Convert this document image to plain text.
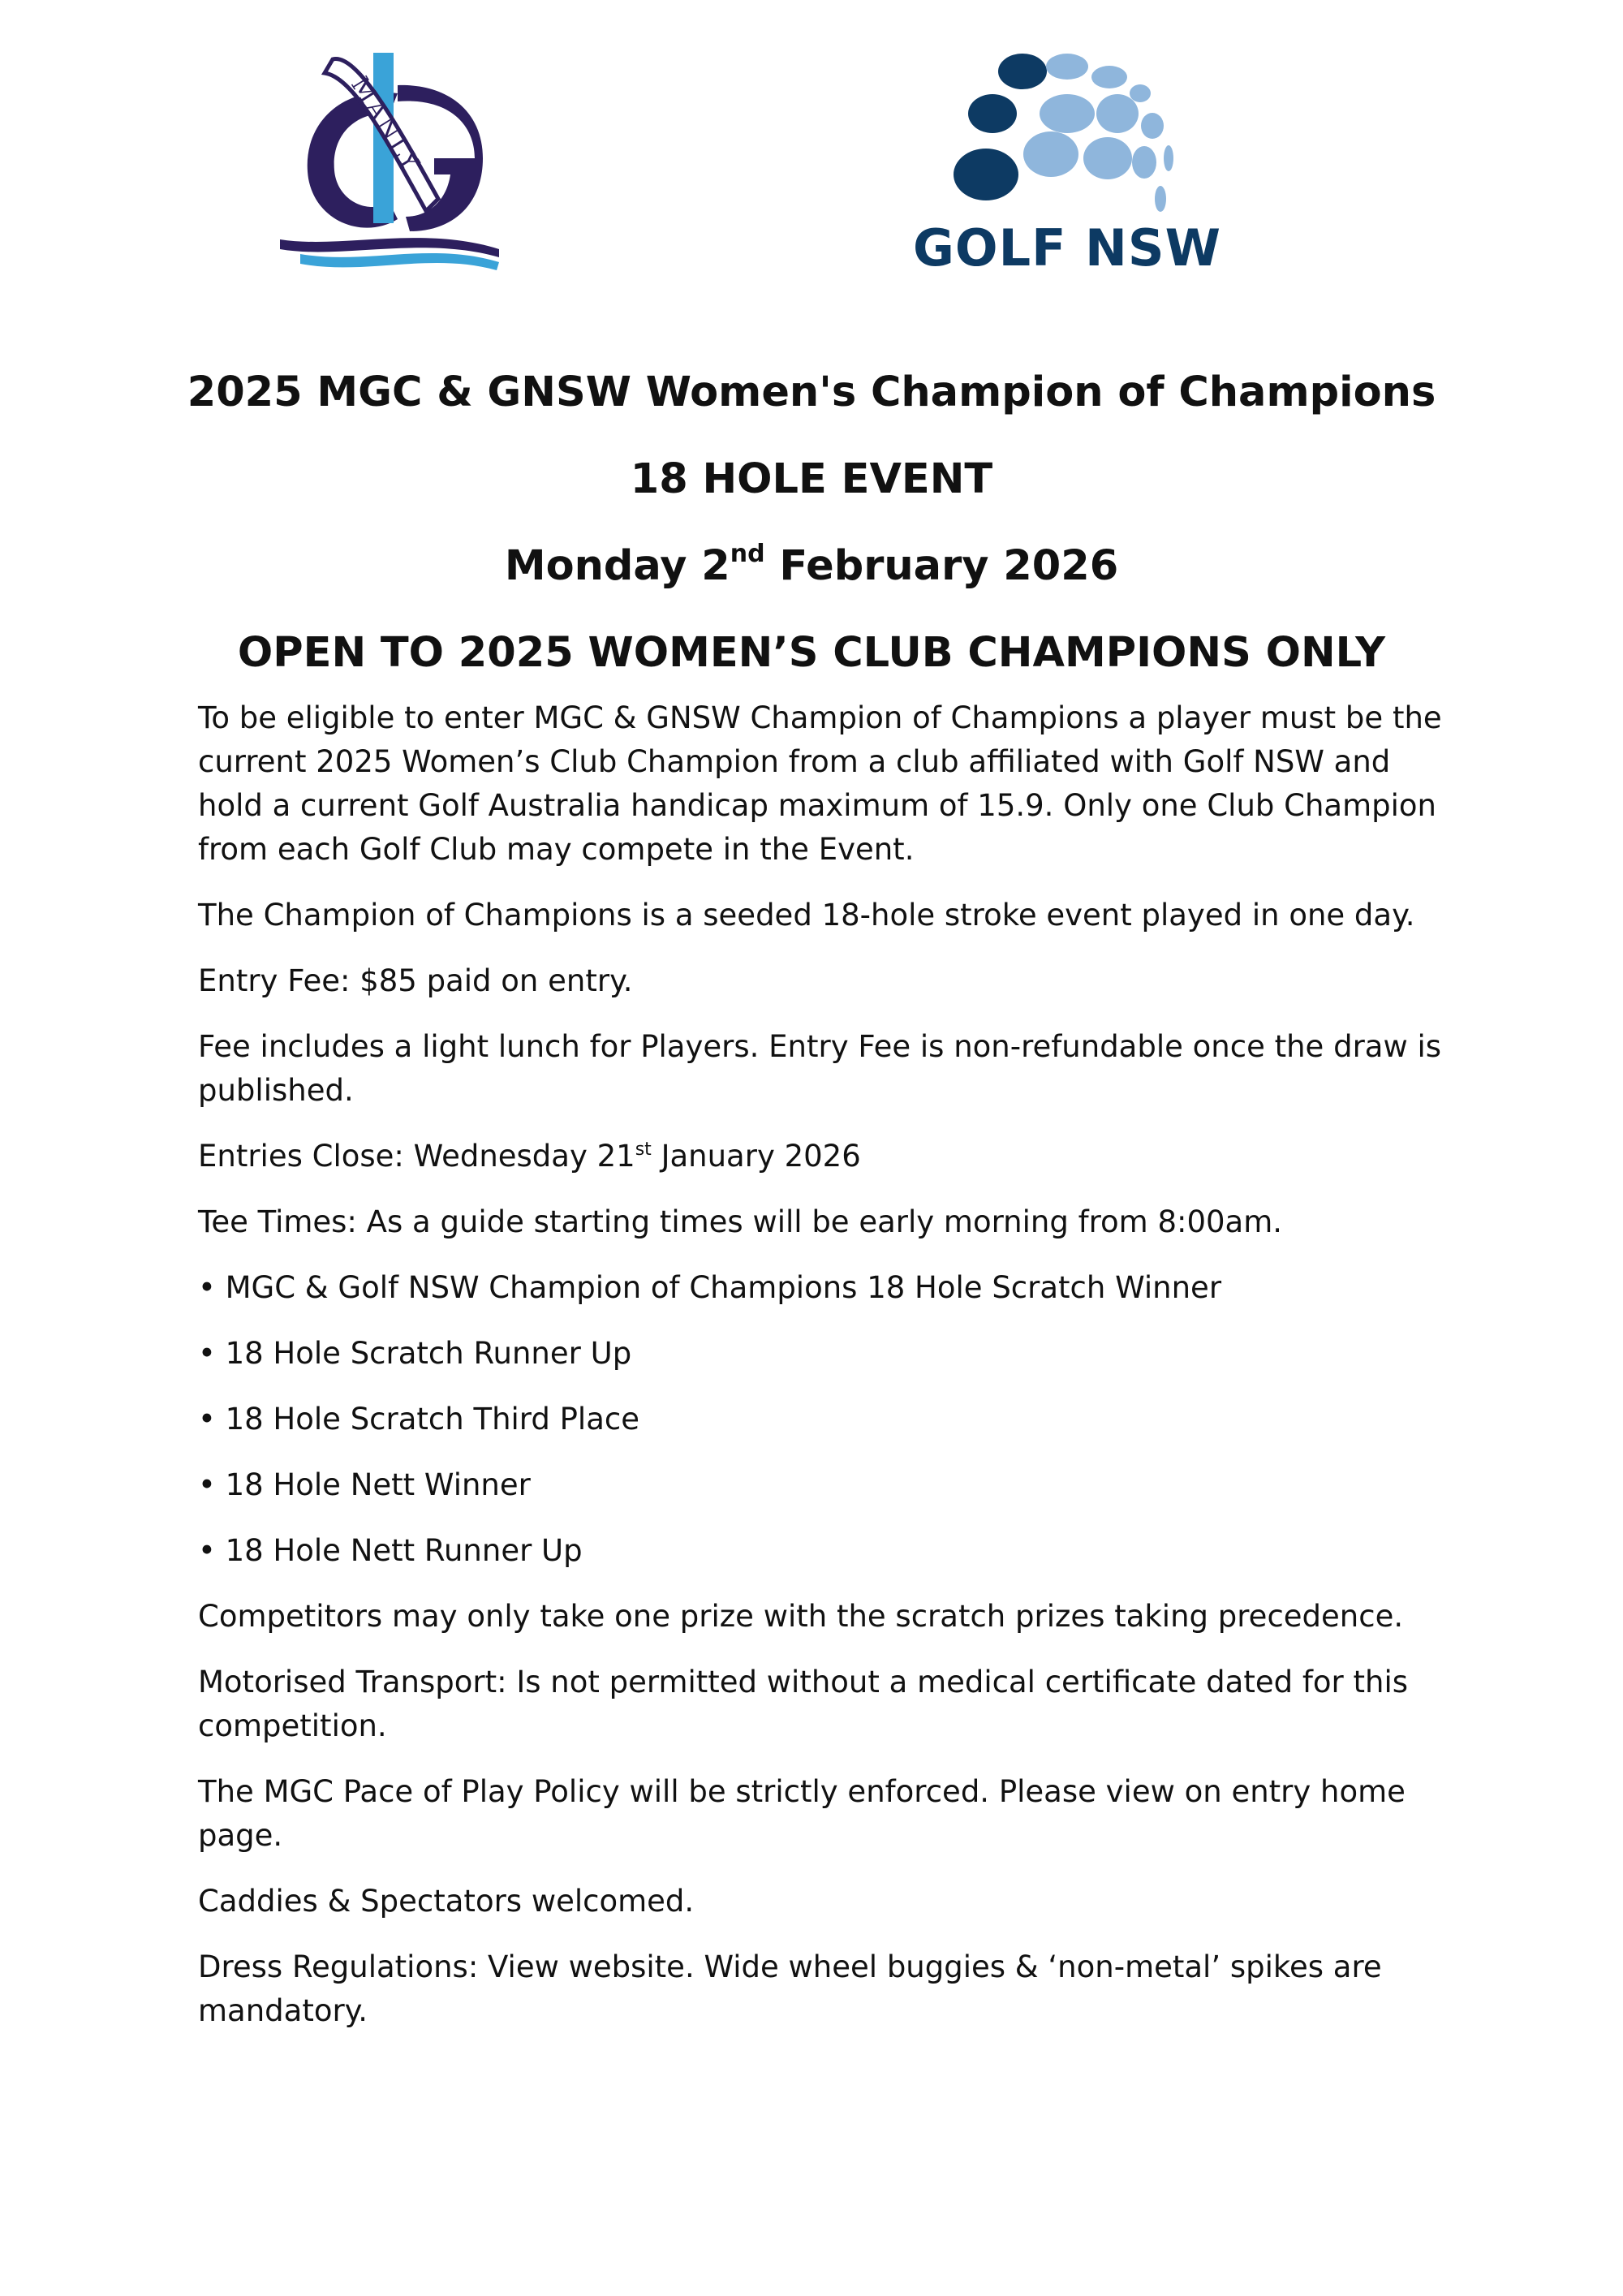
MANLY
GOLF NSW
2025 MGC & GNSW Women's Champion of Champions
18 HOLE EVENT
Monday 2nd February 2026
OPEN TO 2025 WOMEN’S CLUB CHAMPIONS ONLY

To be eligible to enter MGC & GNSW Champion of Champions a player must be the current 2025 Women’s Club Champion from a club affiliated with Golf NSW and hold a current Golf Australia handicap maximum of 15.9. Only one Club Champion from each Golf Club may compete in the Event.

The Champion of Champions is a seeded 18-hole stroke event played in one day.

Entry Fee: $85 paid on entry.

Fee includes a light lunch for Players. Entry Fee is non-refundable once the draw is published.

Entries Close: Wednesday 21st January 2026

Tee Times: As a guide starting times will be early morning from 8:00am.

• MGC & Golf NSW Champion of Champions 18 Hole Scratch Winner

• 18 Hole Scratch Runner Up

• 18 Hole Scratch Third Place

• 18 Hole Nett Winner

• 18 Hole Nett Runner Up

Competitors may only take one prize with the scratch prizes taking precedence.

Motorised Transport: Is not permitted without a medical certificate dated for this competition.

The MGC Pace of Play Policy will be strictly enforced. Please view on entry home page.

Caddies & Spectators welcomed.

Dress Regulations: View website. Wide wheel buggies & ‘non-metal’ spikes are mandatory.
